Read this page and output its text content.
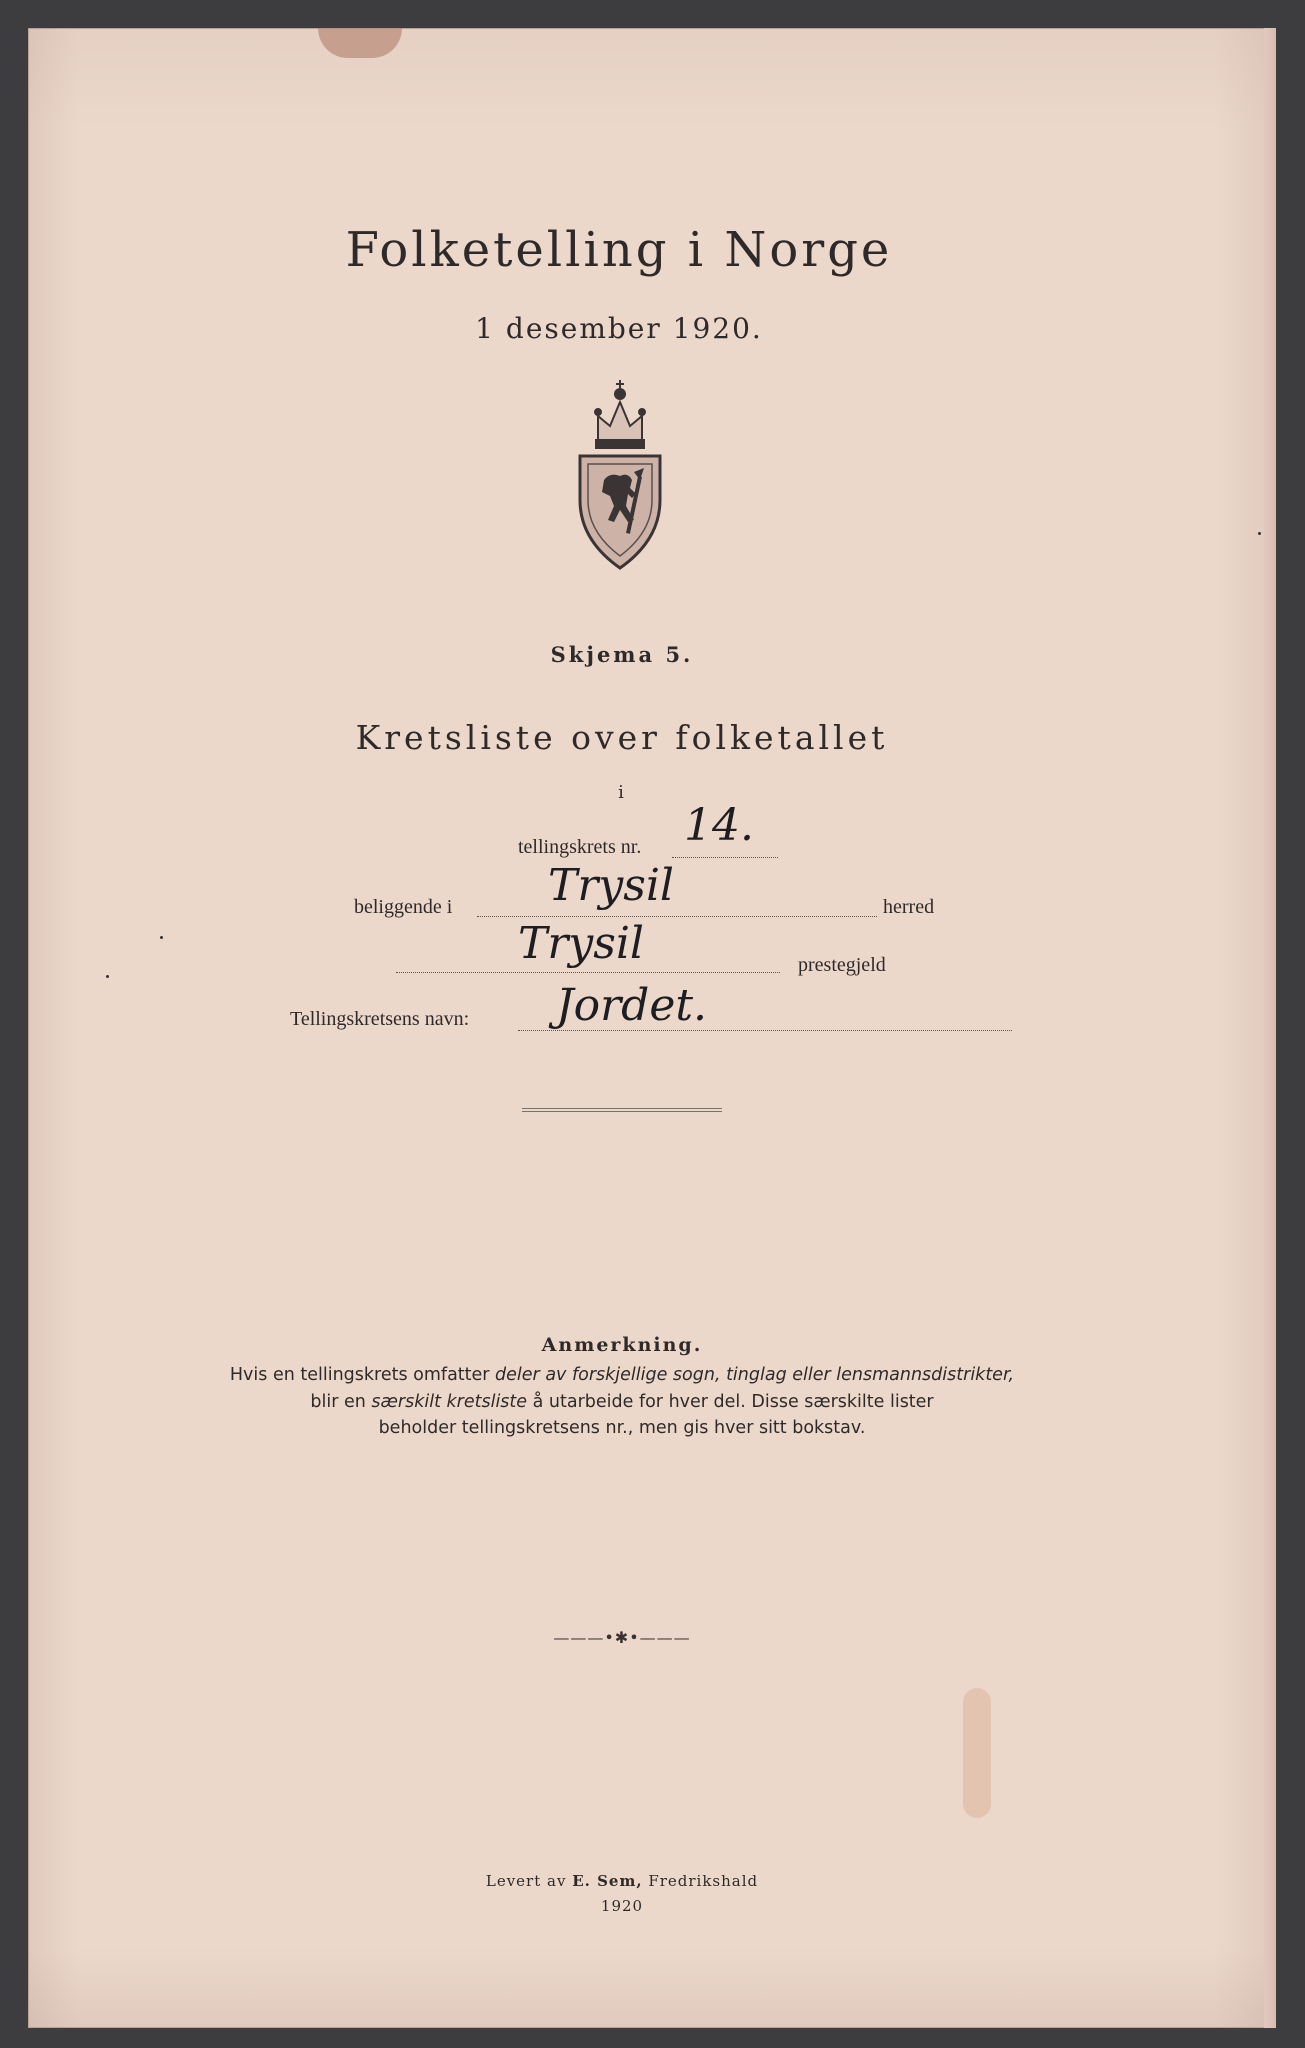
Folketelling i Norge
1 desember 1920.
Skjema 5.
Kretsliste over folketallet
i
tellingskrets nr. 14.
beliggende i Trysil	herred
Trysil	prestegjeld
Tellingskretsens navn: Jordet.
Anmerkning.
Hvis en tellingskrets omfatter deler av forskjellige sogn, tinglag eller lensmannsdistrikter,
blir en særskilt kretsliste å utarbeide for hver del. Disse særskilte lister
beholder tellingskretsens nr., men gis hver sitt bokstav.
———•✱•———
Levert av E. Sem, Fredrikshald
1920
